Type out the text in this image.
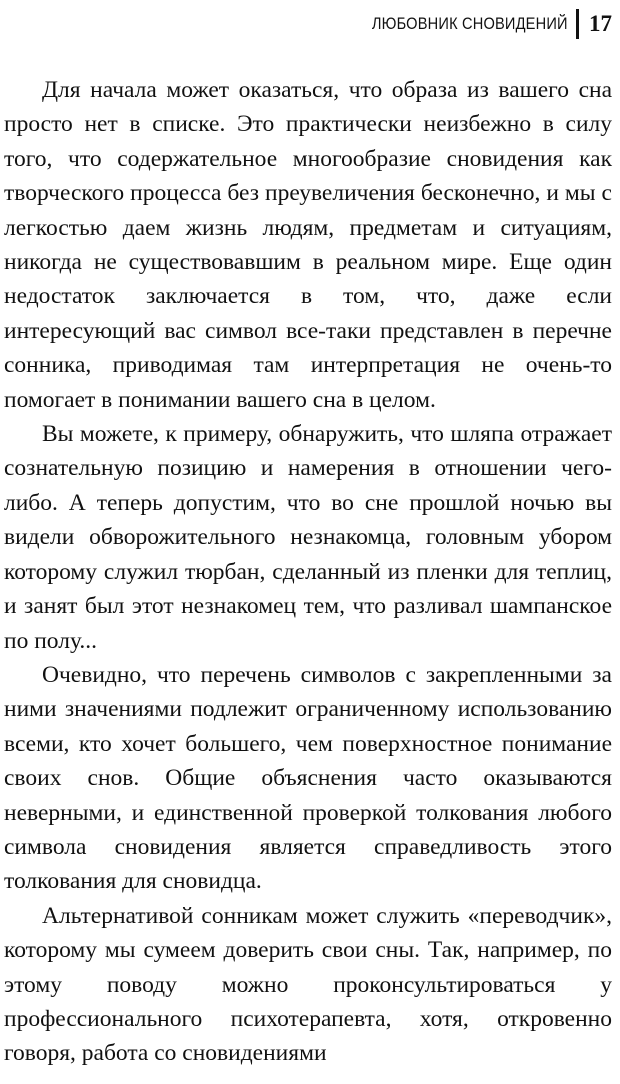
ЛЮБОВНИК СНОВИДЕНИЙ 17

Для начала может оказаться, что образа из вашего сна просто нет в списке. Это практически неизбежно в силу того, что содержательное многообразие сновидения как творческого процесса без преувеличения бесконечно, и мы с легкостью даем жизнь людям, предметам и ситуациям, никогда не существовавшим в реальном мире. Еще один недостаток заключается в том, что, даже если интересующий вас символ все-таки представлен в перечне сонника, приводимая там интерпретация не очень-то помогает в понимании вашего сна в целом.

Вы можете, к примеру, обнаружить, что шляпа отражает сознательную позицию и намерения в отношении чего-либо. А теперь допустим, что во сне прошлой ночью вы видели обворожительного незнакомца, головным убором которому служил тюрбан, сделанный из пленки для теплиц, и занят был этот незнакомец тем, что разливал шампанское по полу...

Очевидно, что перечень символов с закрепленными за ними значениями подлежит ограниченному использованию всеми, кто хочет большего, чем поверхностное понимание своих снов. Общие объяснения часто оказываются неверными, и единственной проверкой толкования любого символа сновидения является справедливость этого толкования для сновидца.

Альтернативой сонникам может служить «переводчик», которому мы сумеем доверить свои сны. Так, например, по этому поводу можно проконсультироваться у профессионального психотерапевта, хотя, откровенно говоря, работа со сновидениями
